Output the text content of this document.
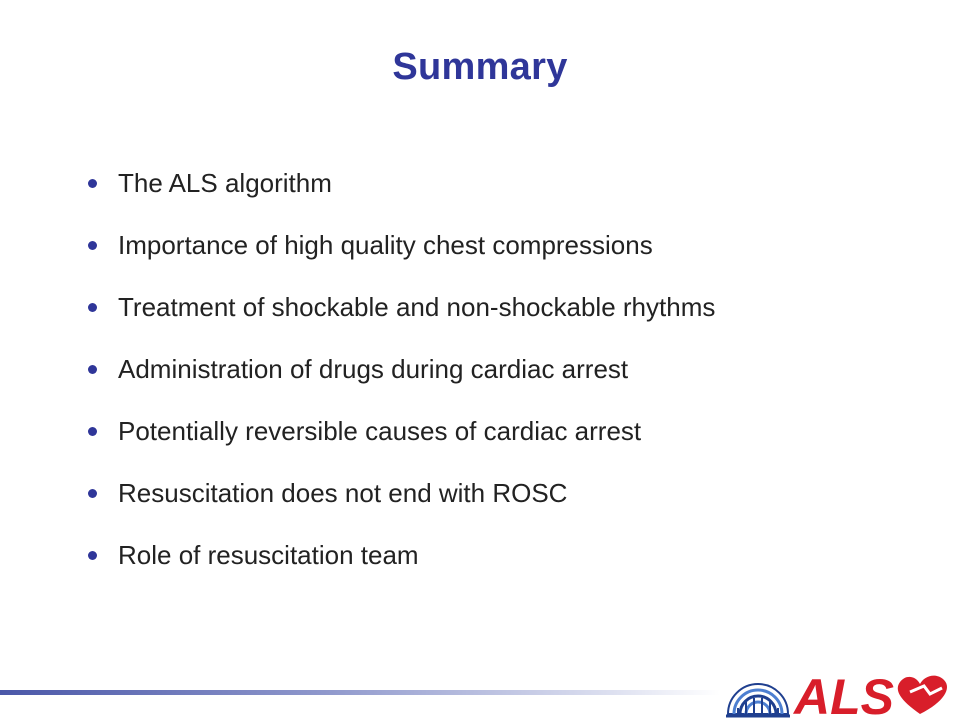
Summary
The ALS algorithm
Importance of high quality chest compressions
Treatment of shockable and non-shockable rhythms
Administration of drugs during cardiac arrest
Potentially reversible causes of cardiac arrest
Resuscitation does not end with ROSC
Role of resuscitation team
ALS
